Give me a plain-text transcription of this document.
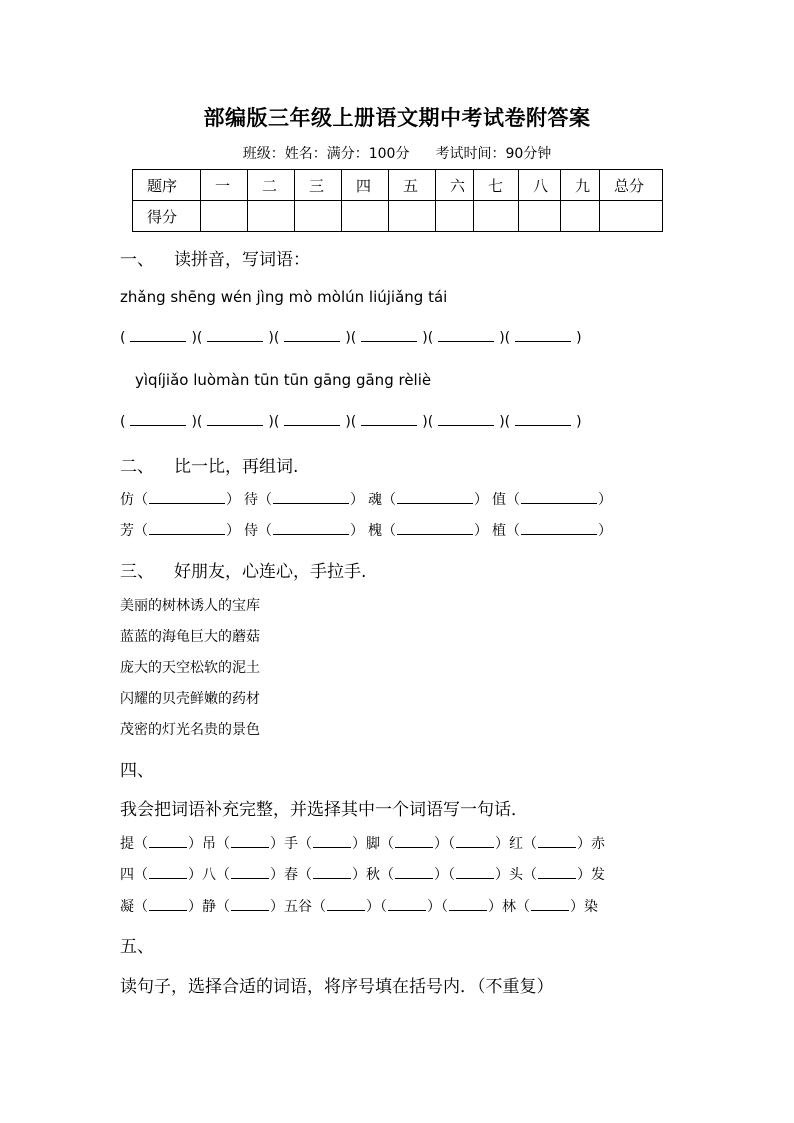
部编版三年级上册语文期中考试卷附答案
班级：姓名：满分：100分 考试时间：90分钟
题序	一	二	三	四	五	六	七	八	九	总分
得分										
一、 读拼音，写词语：
zhǎng shēng wén jìng mò mòlún liújiǎng tái
(	)(	)(	)(	)(	)(	)
yìqíjiǎo luòmàn tūn tūn gāng gāng rèliè
(	)(	)(	)(	)(	)(	)
二、 比一比，再组词.
仿（	） 待（	） 魂（	） 值（	）
芳（	） 侍（	） 槐（	） 植（	）
三、 好朋友，心连心，手拉手.
美丽的树林诱人的宝库
蓝蓝的海龟巨大的蘑菇
庞大的天空松软的泥土
闪耀的贝壳鲜嫩的药材
茂密的灯光名贵的景色
四、
我会把词语补充完整，并选择其中一个词语写一句话．
提（	）吊（	）手（	）脚（	）（	）红（	）赤
四（	）八（	）春（	）秋（	）（	）头（	）发
凝（	）静（	）五谷（	）（	）（	）林（	）染
五、
读句子，选择合适的词语，将序号填在括号内．（不重复）
